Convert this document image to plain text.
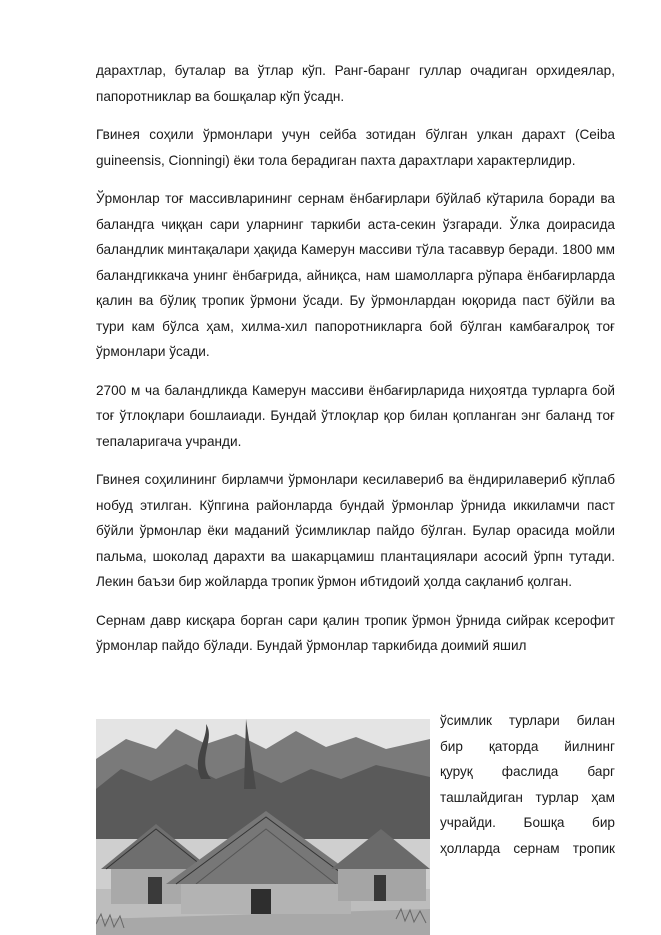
дарахтлар, буталар ва ўтлар кўп. Ранг-баранг гуллар очадиган орхидеялар, папоротниклар ва бошқалар кўп ўсадн.

Гвинея соҳили ўрмонлари учун сейба зотидан бўлган улкан дарахт (Ceiba guineensis, Cionningi) ёки тола берадиган пахта дарахтлари характерлидир.

Ўрмонлар тоғ массивларининг сернам ёнбағирлари бўйлаб кўтарила боради ва баландга чиққан сари уларнинг таркиби аста-секин ўзгаради. Ўлка доирасида баландлик минтақалари ҳақида Камерун массиви тўла тасаввур беради. 1800 мм баландгиккача унинг ёнбағрида, айниқса, нам шамолларга рўпара ёнбағирларда қалин ва бўлиқ тропик ўрмони ўсади. Бу ўрмонлардан юқорида паст бўйли ва тури кам бўлса ҳам, хилма-хил папоротникларга бой бўлган камбағалроқ тоғ ўрмонлари ўсади.

2700 м ча баландликда Камерун массиви ёнбағирларида ниҳоятда турларга бой тоғ ўтлоқлари бошлаиади. Бундай ўтлоқлар қор билан қопланган энг баланд тоғ тепаларигача учранди.

Гвинея соҳилининг бирламчи ўрмонлари кесилавериб ва ёндирилавериб кўплаб нобуд этилган. Кўпгина районларда бундай ўрмонлар ўрнида иккиламчи паст бўйли ўрмонлар ёки маданий ўсимликлар пайдо бўлган. Булар орасида мойли пальма, шоколад дарахти ва шакарцамиш плантациялари асосий ўрпн тутади. Лекин баъзи бир жойларда тропик ўрмон ибтидоий ҳолда сақланиб қолган.

Сернам давр кисқара борган сари қалин тропик ўрмон ўрнида сийрак ксерофит ўрмонлар пайдо бўлади. Бундай ўрмонлар таркибида доимий яшил

ўсимлик турлари билан

бир қаторда йилнинг

қуруқ фаслида барг

ташлайдиган турлар ҳам

учрайди. Бошқа бир

ҳолларда сернам тропик
